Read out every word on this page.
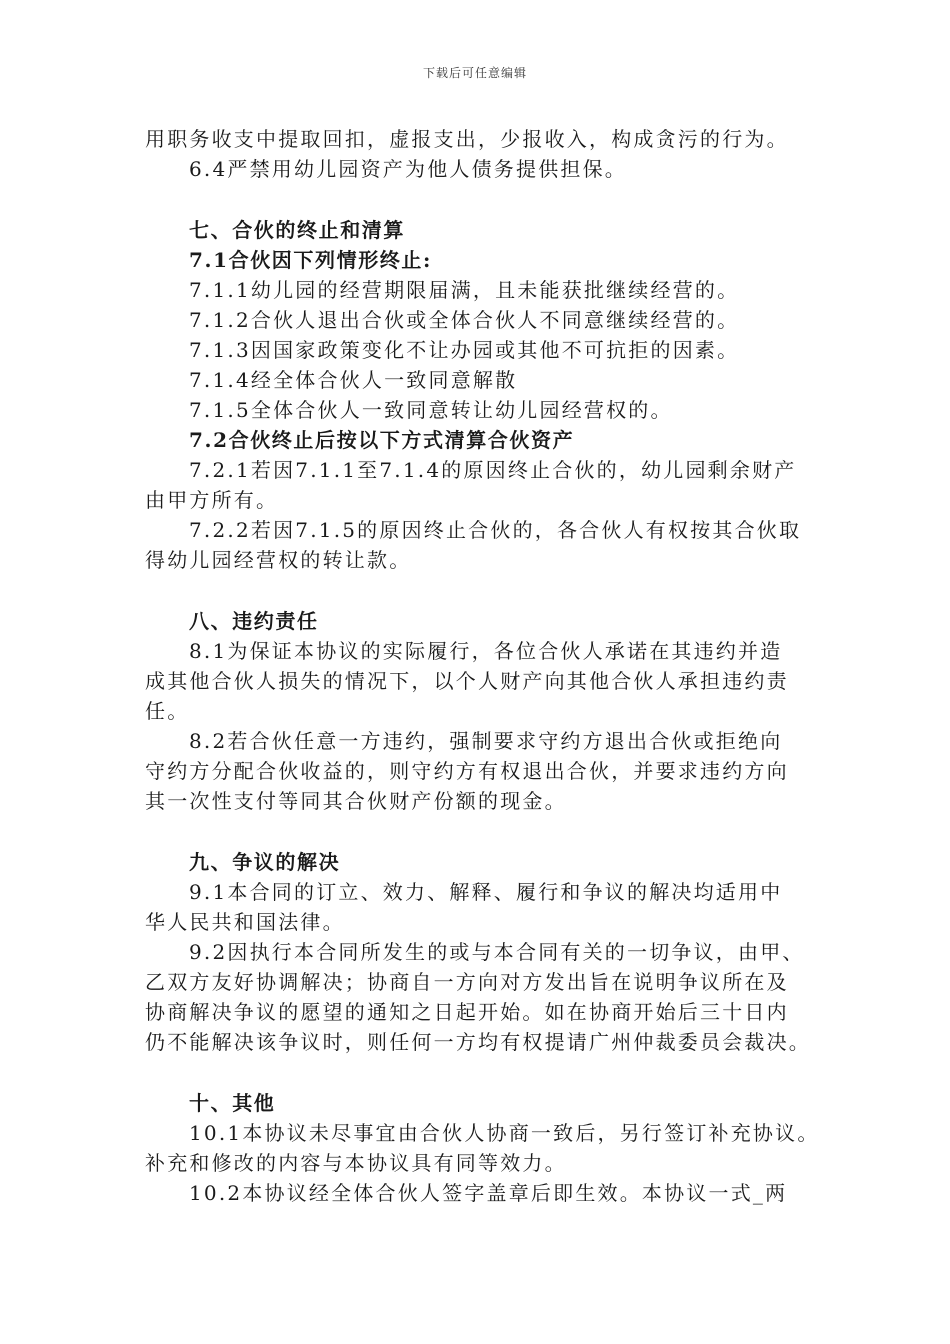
下载后可任意编辑
用职务收支中提取回扣，虚报支出，少报收入，构成贪污的行为。
6.4严禁用幼儿园资产为他人债务提供担保。
七、合伙的终止和清算
7.1合伙因下列情形终止:
7.1.1幼儿园的经营期限届满，且未能获批继续经营的。
7.1.2合伙人退出合伙或全体合伙人不同意继续经营的。
7.1.3因国家政策变化不让办园或其他不可抗拒的因素。
7.1.4经全体合伙人一致同意解散
7.1.5全体合伙人一致同意转让幼儿园经营权的。
7.2合伙终止后按以下方式清算合伙资产
7.2.1若因7.1.1至7.1.4的原因终止合伙的，幼儿园剩余财产
由甲方所有。
7.2.2若因7.1.5的原因终止合伙的，各合伙人有权按其合伙取
得幼儿园经营权的转让款。
八、违约责任
8.1为保证本协议的实际履行，各位合伙人承诺在其违约并造
成其他合伙人损失的情况下，以个人财产向其他合伙人承担违约责
任。
8.2若合伙任意一方违约，强制要求守约方退出合伙或拒绝向
守约方分配合伙收益的，则守约方有权退出合伙，并要求违约方向
其一次性支付等同其合伙财产份额的现金。
九、争议的解决
9.1本合同的订立、效力、解释、履行和争议的解决均适用中
华人民共和国法律。
9.2因执行本合同所发生的或与本合同有关的一切争议，由甲、
乙双方友好协调解决；协商自一方向对方发出旨在说明争议所在及
协商解决争议的愿望的通知之日起开始。如在协商开始后三十日内
仍不能解决该争议时，则任何一方均有权提请广州仲裁委员会裁决。
十、其他
10.1本协议未尽事宜由合伙人协商一致后，另行签订补充协议。
补充和修改的内容与本协议具有同等效力。
10.2本协议经全体合伙人签字盖章后即生效。本协议一式_两
